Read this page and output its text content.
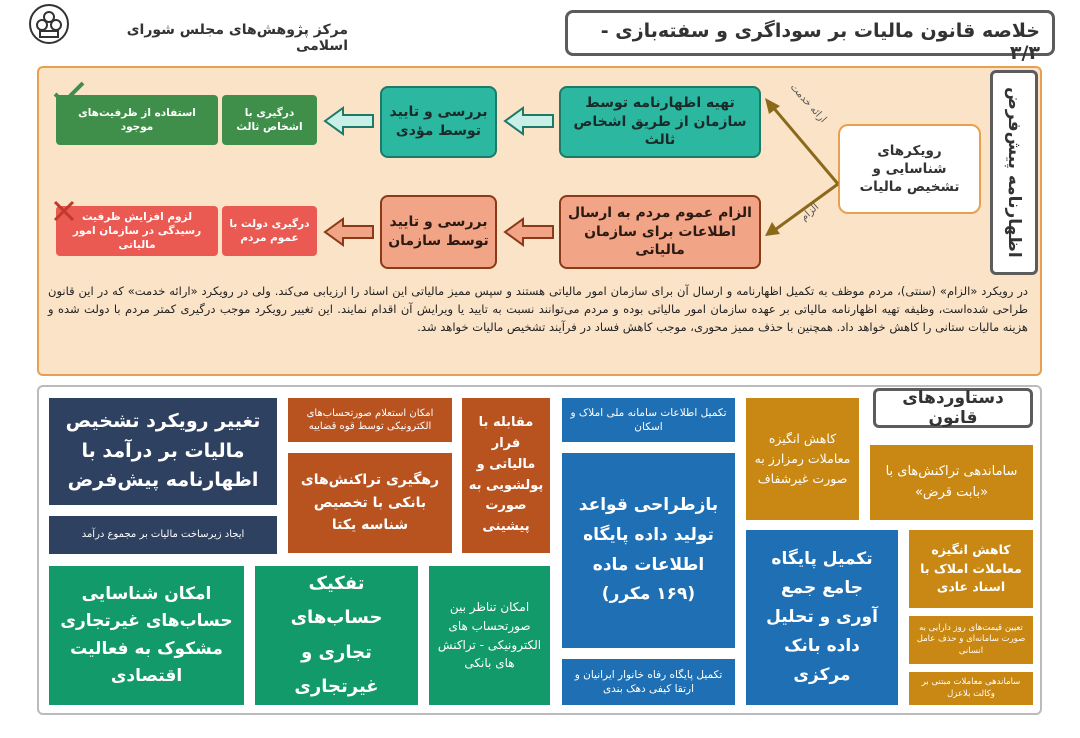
مرکز پژوهش‌های مجلس شورای اسلامی
خلاصه قانون مالیات بر سوداگری و سفته‌بازی - ۳/۳
اظهارنامه پیش‌فرض
رویکرهای شناسایی و تشخیص مالیات
ارائه خدمت
الزام
تهیه اظهارنامه توسط سازمان از طریق اشخاص ثالث
بررسی و تایید توسط مؤدی
درگیری با اشخاص ثالث
استفاده از ظرفیت‌های موجود
الزام عموم مردم به ارسال اطلاعات برای سازمان مالیاتی
بررسی و تایید توسط سازمان
درگیری دولت با عموم مردم
لزوم افزایش ظرفیت رسیدگی در سازمان امور مالیاتی
در رویکرد «الزام» (سنتی)، مردم موظف به تکمیل اظهارنامه و ارسال آن برای سازمان امور مالیاتی هستند و سپس ممیز مالیاتی این اسناد را ارزیابی می‌کند. ولی در رویکرد «ارائه خدمت» که در این قانون طراحی شده‌است، وظیفه تهیه اظهارنامه مالیاتی بر عهده سازمان امور مالیاتی بوده و مردم می‌توانند نسبت به تایید یا ویرایش آن اقدام نمایند. این تغییر رویکرد موجب درگیری کمتر مردم با دولت شده و هزینه مالیات ستانی را کاهش خواهد داد. همچنین با حذف ممیز محوری، موجب کاهش فساد در فرآیند تشخیص مالیات خواهد شد.
دستاوردهای قانون
تغییر رویکرد تشخیص مالیات بر درآمد با اظهارنامه پیش‌فرض
ایجاد زیرساخت مالیات بر مجموع درآمد
امکان استعلام صورتحساب‌های الکترونیکی توسط قوه قضاییه
رهگیری تراکنش‌های بانکی با تخصیص شناسه یکتا
مقابله با فرار مالیاتی و پولشویی به صورت پیشینی
امکان شناسایی حساب‌های غیرتجاری مشکوک به فعالیت اقتصادی
تفکیک حساب‌های تجاری و غیرتجاری
امکان تناظر بین صورتحساب های الکترونیکی - تراکنش های بانکی
تکمیل اطلاعات سامانه ملی املاک و اسکان
بازطراحی قواعد تولید داده پایگاه اطلاعات ماده (۱۶۹ مکرر)
تکمیل پایگاه رفاه خانوار ایرانیان و ارتقا کیفی دهک بندی
تکمیل پایگاه جامع جمع آوری و تحلیل داده بانک مرکزی
کاهش انگیزه معاملات رمزارز به صورت غیرشفاف	ساماندهی تراکنش‌های با «بابت قرض»
کاهش انگیزه معاملات املاک با اسناد عادی
تعیین قیمت‌های روز دارایی به صورت سامانه‌ای و حذف عامل انسانی
ساماندهی معاملات مبتنی بر وکالت بلاعزل
